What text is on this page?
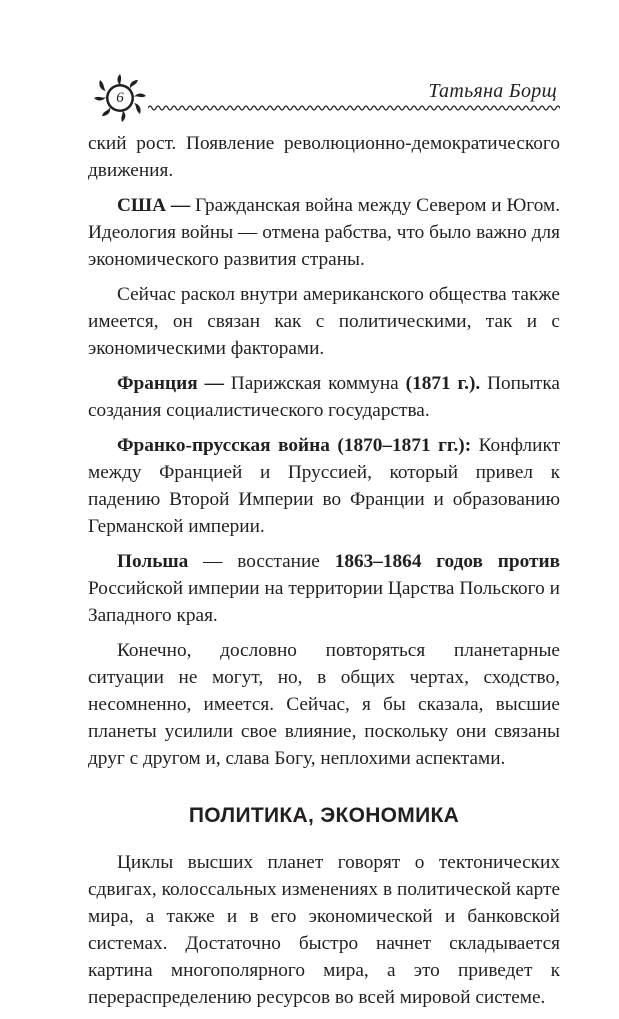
6	Татьяна Борщ

ский рост. Появление революционно-демократического движения.

США — Гражданская война между Севером и Югом. Идеология войны — отмена рабства, что было важно для экономического развития страны.

Сейчас раскол внутри американского общества также имеется, он связан как с политическими, так и с экономическими факторами.

Франция — Парижская коммуна (1871 г.). Попытка создания социалистического государства.

Франко-прусская война (1870–1871 гг.): Конфликт между Францией и Пруссией, который привел к падению Второй Империи во Франции и образованию Германской империи.

Польша — восстание 1863–1864 годов против Российской империи на территории Царства Польского и Западного края.

Конечно, дословно повторяться планетарные ситуации не могут, но, в общих чертах, сходство, несомненно, имеется. Сейчас, я бы сказала, высшие планеты усилили свое влияние, поскольку они связаны друг с другом и, слава Богу, неплохими аспектами.

ПОЛИТИКА, ЭКОНОМИКА

Циклы высших планет говорят о тектонических сдвигах, колоссальных изменениях в политической карте мира, а также и в его экономической и банковской системах. Достаточно быстро начнет складывается картина многополярного мира, а это приведет к перераспределению ресурсов во всей мировой системе.
